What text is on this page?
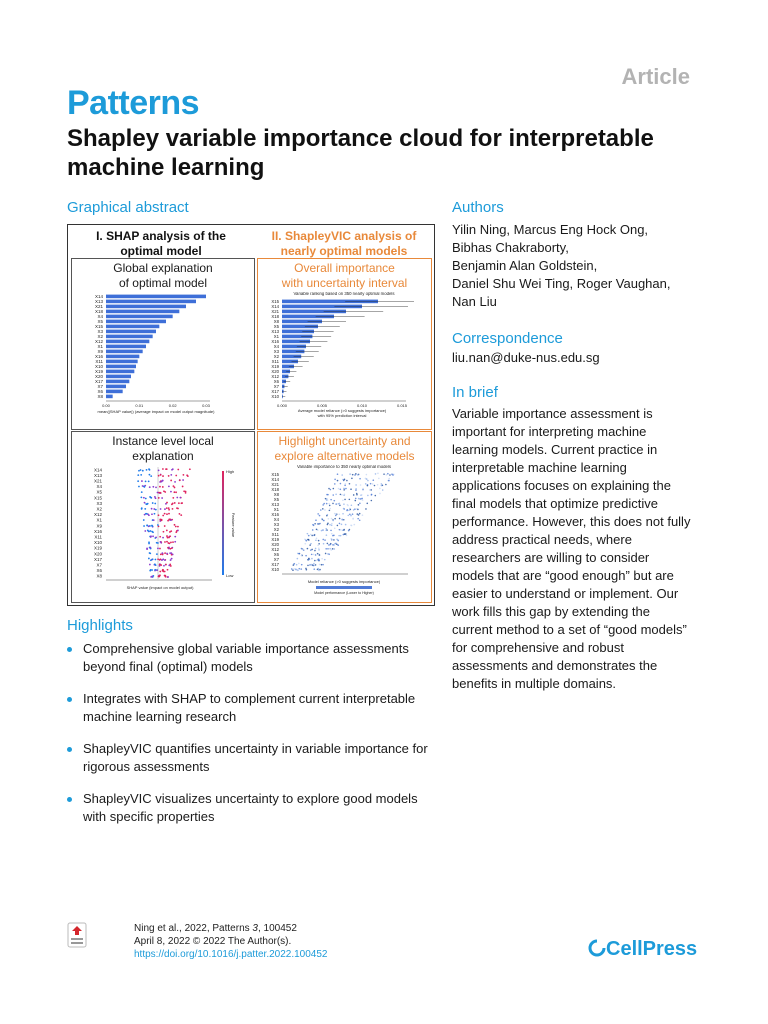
Article
Patterns
Shapley variable importance cloud for interpretable
machine learning
Graphical abstract
I. SHAP analysis of the
optimal model
II. ShapleyVIC analysis of
nearly optimal models
Global explanation
of optimal model
X14
X13
X21
X18
X4
X5
X15
X3
X2
X12
X1
X9
X16
X11
X10
X19
X20
X17
X7
X6
X8
0.00	0.01	0.02	0.03
mean(|SHAP value|) (average impact on model output magnitude)
Overall importance
with uncertainty interval
Variable ranking based on 350 nearly optimal models
X15
X14
X21
X18
X8
X5
X13
X1
X16
X4
X3
X2
X11
X19
X20
X12
X6
X7
X17
X10
0.000	0.005	0.010	0.015
Average model reliance (>0 suggests importance)
with 95% prediction interval
Instance level local
explanation
X14
X13
X21
X4
X5
X15
X3
X2
X12
X1
X9
X16
X11
X10
X19
X20
X17
X7
X6
X8
High
Low
Feature value
SHAP value (impact on model output)
Highlight uncertainty and
explore alternative models
Variable importance to 350 nearly optimal models
X15
X14
X21
X18
X8
X5
X13
X1
X16
X4
X3
X2
X11
X19
X20
X12
X6
X7
X17
X10
Model reliance (>0 suggests importance)
Model performance (Lower to Higher)
Highlights
Comprehensive global variable importance assessments
beyond final (optimal) models
Integrates with SHAP to complement current interpretable
machine learning research
ShapleyVIC quantifies uncertainty in variable importance for
rigorous assessments
ShapleyVIC visualizes uncertainty to explore good models
with specific properties
Authors
Yilin Ning, Marcus Eng Hock Ong,
Bibhas Chakraborty,
Benjamin Alan Goldstein,
Daniel Shu Wei Ting, Roger Vaughan,
Nan Liu
Correspondence
liu.nan@duke-nus.edu.sg
In brief
Variable importance assessment is
important for interpreting machine
learning models. Current practice in
interpretable machine learning
applications focuses on explaining the
final models that optimize predictive
performance. However, this does not fully
address practical needs, where
researchers are willing to consider
models that are “good enough” but are
easier to understand or implement. Our
work fills this gap by extending the
current method to a set of “good models”
for comprehensive and robust
assessments and demonstrates the
benefits in multiple domains.
Ning et al., 2022, Patterns 3, 100452
April 8, 2022 © 2022 The Author(s).
https://doi.org/10.1016/j.patter.2022.100452	CellPress
